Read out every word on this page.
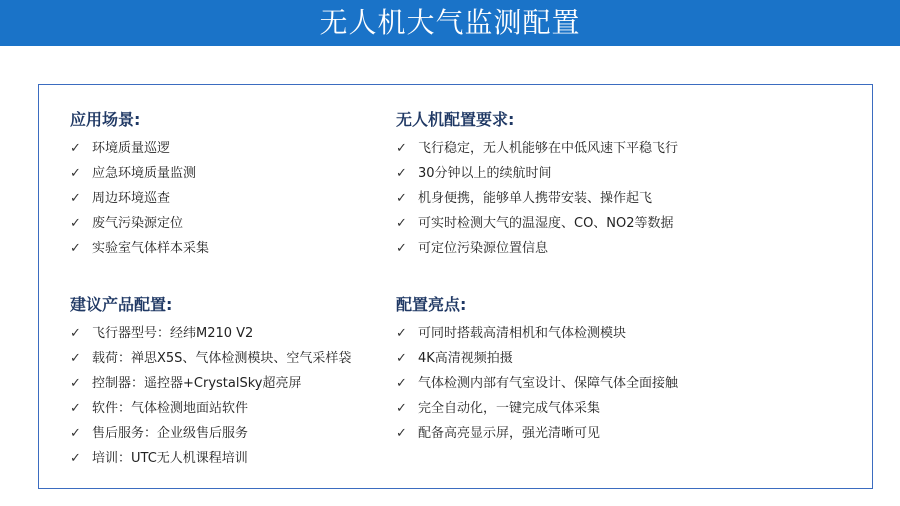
无人机大气监测配置
应用场景:
✓ 环境质量巡逻
✓ 应急环境质量监测
✓ 周边环境巡查
✓ 废气污染源定位
✓ 实验室气体样本采集
无人机配置要求:
✓ 飞行稳定，无人机能够在中低风速下平稳飞行
✓ 30分钟以上的续航时间
✓ 机身便携，能够单人携带安装、操作起飞
✓ 可实时检测大气的温湿度、CO、NO2等数据
✓ 可定位污染源位置信息
建议产品配置:
✓ 飞行器型号：经纬M210 V2
✓ 载荷：禅思X5S、气体检测模块、空气采样袋
✓ 控制器：遥控器+CrystalSky超亮屏
✓ 软件：气体检测地面站软件
✓ 售后服务：企业级售后服务
✓ 培训：UTC无人机课程培训
配置亮点:
✓ 可同时搭载高清相机和气体检测模块
✓ 4K高清视频拍摄
✓ 气体检测内部有气室设计、保障气体全面接触
✓ 完全自动化，一键完成气体采集
✓ 配备高亮显示屏，强光清晰可见
